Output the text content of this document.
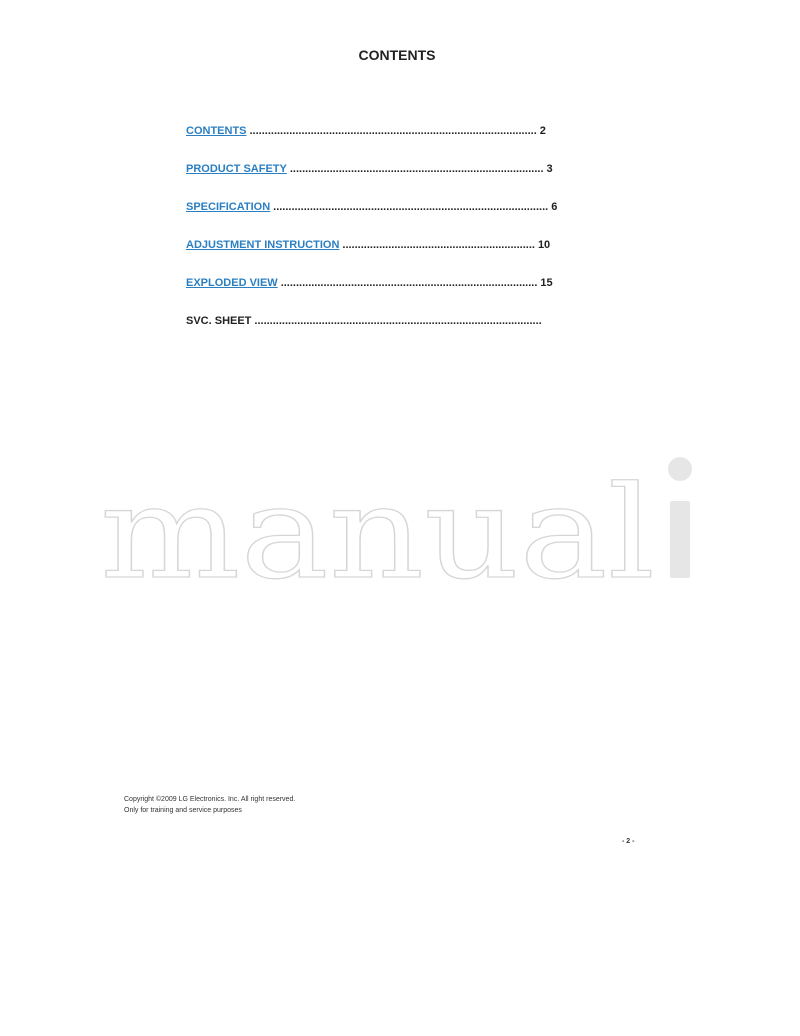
CONTENTS
CONTENTS .............................................................................................. 2
PRODUCT SAFETY ................................................................................... 3
SPECIFICATION .......................................................................................... 6
ADJUSTMENT INSTRUCTION ............................................................... 10
EXPLODED VIEW .................................................................................... 15
SVC. SHEET ..............................................................................................
manual
Copyright ©2009 LG Electronics. Inc. All right reserved.
Only for training and service purposes
- 2 -
